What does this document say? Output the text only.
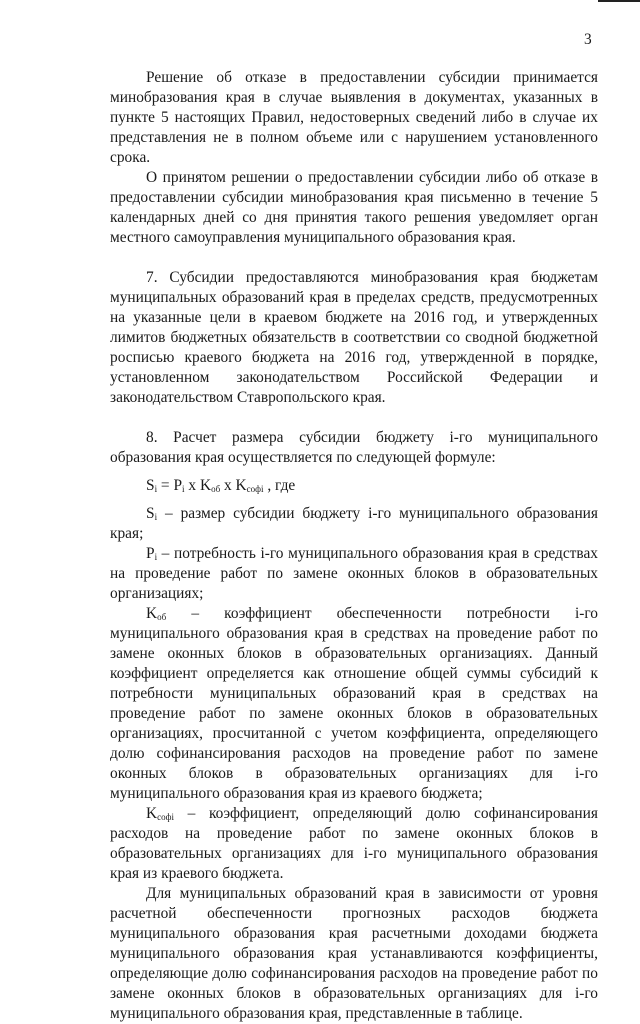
3

Решение об отказе в предоставлении субсидии принимается минобразования края в случае выявления в документах, указанных в пункте 5 настоящих Правил, недостоверных сведений либо в случае их представления не в полном объеме или с нарушением установленного срока.

О принятом решении о предоставлении субсидии либо об отказе в предоставлении субсидии минобразования края письменно в течение 5 календарных дней со дня принятия такого решения уведомляет орган местного самоуправления муниципального образования края.

7. Субсидии предоставляются минобразования края бюджетам муниципальных образований края в пределах средств, предусмотренных на указанные цели в краевом бюджете на 2016 год, и утвержденных лимитов бюджетных обязательств в соответствии со сводной бюджетной росписью краевого бюджета на 2016 год, утвержденной в порядке, установленном законодательством Российской Федерации и законодательством Ставропольского края.

8. Расчет размера субсидии бюджету i-го муниципального образования края осуществляется по следующей формуле:

$S_i = P_i$ x $K_{об}$ x $K_{софi}$ , где

$S_i$ – размер субсидии бюджету i-го муниципального образования края;

$P_i$ – потребность i-го муниципального образования края в средствах на проведение работ по замене оконных блоков в образовательных организациях;

$K_{об}$ – коэффициент обеспеченности потребности i-го муниципального образования края в средствах на проведение работ по замене оконных блоков в образовательных организациях. Данный коэффициент определяется как отношение общей суммы субсидий к потребности муниципальных образований края в средствах на проведение работ по замене оконных блоков в образовательных организациях, просчитанной с учетом коэффициента, определяющего долю софинансирования расходов на проведение работ по замене оконных блоков в образовательных организациях для i-го муниципального образования края из краевого бюджета;

$K_{софi}$ – коэффициент, определяющий долю софинансирования расходов на проведение работ по замене оконных блоков в образовательных организациях для i-го муниципального образования края из краевого бюджета.

Для муниципальных образований края в зависимости от уровня расчетной обеспеченности прогнозных расходов бюджета муниципального образования края расчетными доходами бюджета муниципального образования края устанавливаются коэффициенты, определяющие долю софинансирования расходов на проведение работ по замене оконных блоков в образовательных организациях для i-го муниципального образования края, представленные в таблице.
